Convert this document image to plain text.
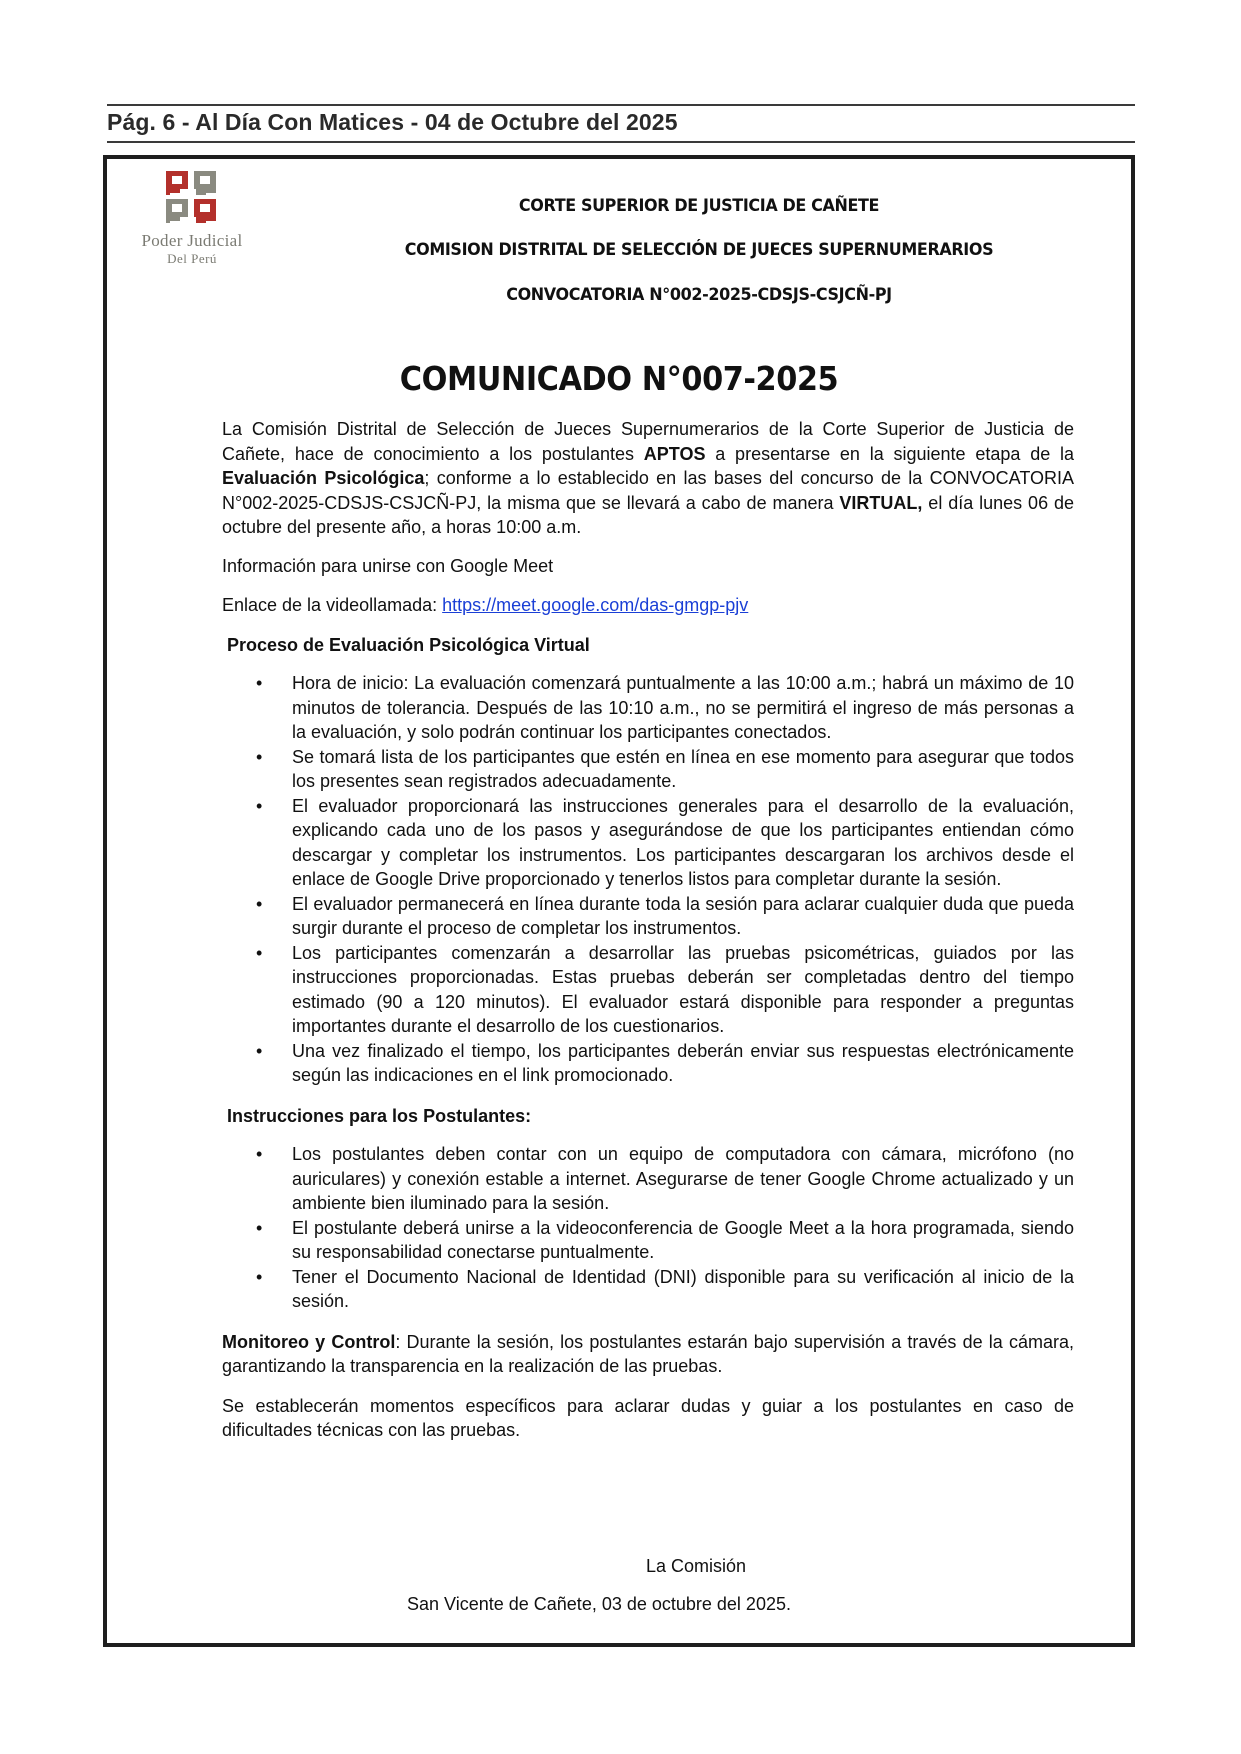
Pág. 6 - Al Día Con Matices - 04 de Octubre del 2025
Poder Judicial
Del Perú
CORTE SUPERIOR DE JUSTICIA DE CAÑETE
COMISION DISTRITAL DE SELECCIÓN DE JUECES SUPERNUMERARIOS
CONVOCATORIA N°002-2025-CDSJS-CSJCÑ-PJ
COMUNICADO N°007-2025

La Comisión Distrital de Selección de Jueces Supernumerarios de la Corte Superior de Justicia de Cañete, hace de conocimiento a los postulantes APTOS a presentarse en la siguiente etapa de la Evaluación Psicológica; conforme a lo establecido en las bases del concurso de la CONVOCATORIA N°002-2025-CDSJS-CSJCÑ-PJ, la misma que se llevará a cabo de manera VIRTUAL, el día lunes 06 de octubre del presente año, a horas 10:00 a.m.

Información para unirse con Google Meet

Enlace de la videollamada: https://meet.google.com/das-gmgp-pjv

Proceso de Evaluación Psicológica Virtual

• Hora de inicio: La evaluación comenzará puntualmente a las 10:00 a.m.; habrá un máximo de 10 minutos de tolerancia. Después de las 10:10 a.m., no se permitirá el ingreso de más personas a la evaluación, y solo podrán continuar los participantes conectados.
• Se tomará lista de los participantes que estén en línea en ese momento para asegurar que todos los presentes sean registrados adecuadamente.
• El evaluador proporcionará las instrucciones generales para el desarrollo de la evaluación, explicando cada uno de los pasos y asegurándose de que los participantes entiendan cómo descargar y completar los instrumentos. Los participantes descargaran los archivos desde el enlace de Google Drive proporcionado y tenerlos listos para completar durante la sesión.
• El evaluador permanecerá en línea durante toda la sesión para aclarar cualquier duda que pueda surgir durante el proceso de completar los instrumentos.
• Los participantes comenzarán a desarrollar las pruebas psicométricas, guiados por las instrucciones proporcionadas. Estas pruebas deberán ser completadas dentro del tiempo estimado (90 a 120 minutos). El evaluador estará disponible para responder a preguntas importantes durante el desarrollo de los cuestionarios.
• Una vez finalizado el tiempo, los participantes deberán enviar sus respuestas electrónicamente según las indicaciones en el link promocionado.

Instrucciones para los Postulantes:

• Los postulantes deben contar con un equipo de computadora con cámara, micrófono (no auriculares) y conexión estable a internet. Asegurarse de tener Google Chrome actualizado y un ambiente bien iluminado para la sesión.
• El postulante deberá unirse a la videoconferencia de Google Meet a la hora programada, siendo su responsabilidad conectarse puntualmente.
• Tener el Documento Nacional de Identidad (DNI) disponible para su verificación al inicio de la sesión.

Monitoreo y Control: Durante la sesión, los postulantes estarán bajo supervisión a través de la cámara, garantizando la transparencia en la realización de las pruebas.

Se establecerán momentos específicos para aclarar dudas y guiar a los postulantes en caso de dificultades técnicas con las pruebas.

La Comisión
San Vicente de Cañete, 03 de octubre del 2025.
